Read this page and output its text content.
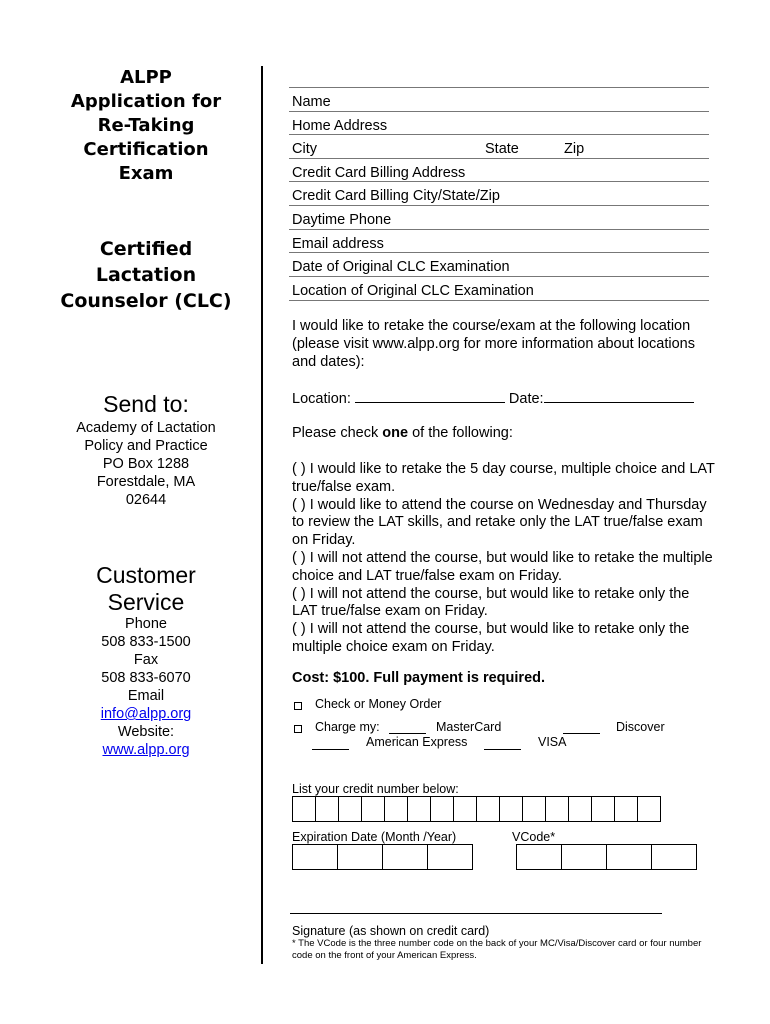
ALPP
Application for
Re-Taking
Certification
Exam
Certified
Lactation
Counselor (CLC)
Send to:
Academy of Lactation
Policy and Practice
PO Box 1288
Forestdale, MA
02644
Customer
Service
Phone
508 833-1500
Fax
508 833-6070
Email
info@alpp.org
Website:
www.alpp.org
Name
Home Address
City	State	Zip
Credit Card Billing Address
Credit Card Billing City/State/Zip
Daytime Phone
Email address
Date of Original CLC Examination
Location of Original CLC Examination
I would like to retake the course/exam at the following location (please visit www.alpp.org for more information about locations and dates):
Location:	Date:
Please check one of the following:

( ) I would like to retake the 5 day course, multiple choice and LAT true/false exam.

( ) I would like to attend the course on Wednesday and Thursday to review the LAT skills, and retake only the LAT true/false exam on Friday.

( ) I will not attend the course, but would like to retake the multiple choice and LAT true/false exam on Friday.

( ) I will not attend the course, but would like to retake only the LAT true/false exam on Friday.

( ) I will not attend the course, but would like to retake only the multiple choice exam on Friday.

Cost: $100. Full payment is required.
Check or Money Order
Charge my:	MasterCard	Discover
American Express	VISA
List your credit number below:
Expiration Date (Month /Year)	VCode*
Signature (as shown on credit card)
* The VCode is the three number code on the back of your MC/Visa/Discover card or four number code on the front of your American Express.
